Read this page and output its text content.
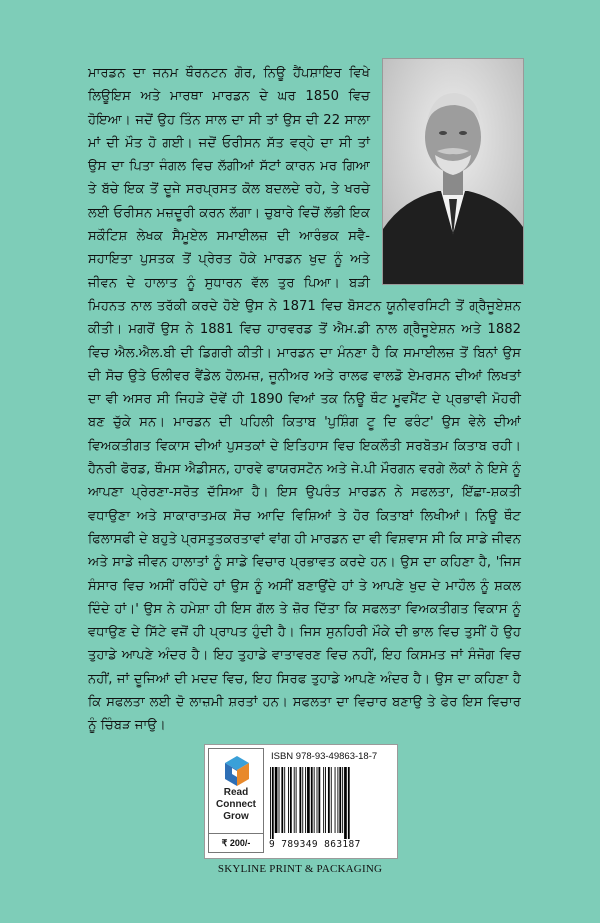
ਮਾਰਡਨ ਦਾ ਜਨਮ ਥੌਰਨਟਨ ਗੋਰ, ਨਿਊ ਹੈਂਪਸ਼ਾਇਰ ਵਿਖੇ ਲਿਊਇਸ ਅਤੇ ਮਾਰਥਾ ਮਾਰਡਨ ਦੇ ਘਰ 1850 ਵਿਚ ਹੋਇਆ। ਜਦੋਂ ਉਹ ਤਿੰਨ ਸਾਲ ਦਾ ਸੀ ਤਾਂ ਉਸ ਦੀ 22 ਸਾਲਾ ਮਾਂ ਦੀ ਮੌਤ ਹੋ ਗਈ। ਜਦੋਂ ਓਰੀਸਨ ਸੱਤ ਵਰ੍ਹੇ ਦਾ ਸੀ ਤਾਂ ਉਸ ਦਾ ਪਿਤਾ ਜੰਗਲ ਵਿਚ ਲੱਗੀਆਂ ਸੱਟਾਂ ਕਾਰਨ ਮਰ ਗਿਆ ਤੇ ਬੱਚੇ ਇਕ ਤੋਂ ਦੂਜੇ ਸਰਪ੍ਰਸਤ ਕੋਲ ਬਦਲਦੇ ਰਹੇ, ਤੇ ਖਰਚੇ ਲਈ ਓਰੀਸਨ ਮਜ਼ਦੂਰੀ ਕਰਨ ਲੱਗਾ। ਚੁਬਾਰੇ ਵਿਚੋਂ ਲੱਭੀ ਇਕ ਸਕੌਟਿਸ਼ ਲੇਖਕ ਸੈਮੂਏਲ ਸਮਾਈਲਜ਼ ਦੀ ਆਰੰਭਕ ਸਵੈ-ਸਹਾਇਤਾ ਪੁਸਤਕ ਤੋਂ ਪ੍ਰੇਰਤ ਹੋਕੇ ਮਾਰਡਨ ਖੁਦ ਨੂੰ ਅਤੇ ਜੀਵਨ ਦੇ ਹਾਲਾਤ ਨੂੰ ਸੁਧਾਰਨ ਵੱਲ ਤੁਰ ਪਿਆ। ਬੜੀ ਮਿਹਨਤ ਨਾਲ ਤਰੱਕੀ ਕਰਦੇ ਹੋਏ ਉਸ ਨੇ 1871 ਵਿਚ ਬੋਸਟਨ ਯੂਨੀਵਰਸਿਟੀ ਤੋਂ ਗ੍ਰੈਜੂਏਸ਼ਨ ਕੀਤੀ। ਮਗਰੋਂ ਉਸ ਨੇ 1881 ਵਿਚ ਹਾਰਵਰਡ ਤੋਂ ਐਮ.ਡੀ ਨਾਲ ਗ੍ਰੈਜੂਏਸ਼ਨ ਅਤੇ 1882 ਵਿਚ ਐਲ.ਐਲ.ਬੀ ਦੀ ਡਿਗਰੀ ਕੀਤੀ। ਮਾਰਡਨ ਦਾ ਮੰਨਣਾ ਹੈ ਕਿ ਸਮਾਈਲਜ਼ ਤੋਂ ਬਿਨਾਂ ਉਸ ਦੀ ਸੋਚ ਉਤੇ ਓਲੀਵਰ ਵੈਂਡੇਲ ਹੋਲਮਜ਼, ਜੂਨੀਅਰ ਅਤੇ ਰਾਲਫ ਵਾਲਡੋ ਏਮਰਸਨ ਦੀਆਂ ਲਿਖਤਾਂ ਦਾ ਵੀ ਅਸਰ ਸੀ ਜਿਹੜੇ ਦੋਵੇਂ ਹੀ 1890 ਵਿਆਂ ਤਕ ਨਿਊ ਥੌਟ ਮੂਵਮੈਂਟ ਦੇ ਪ੍ਰਭਾਵੀ ਮੋਹਰੀ ਬਣ ਚੁੱਕੇ ਸਨ। ਮਾਰਡਨ ਦੀ ਪਹਿਲੀ ਕਿਤਾਬ 'ਪੁਸ਼ਿੰਗ ਟੂ ਦਿ ਫਰੰਟ' ਉਸ ਵੇਲੇ ਦੀਆਂ ਵਿਅਕਤੀਗਤ ਵਿਕਾਸ ਦੀਆਂ ਪੁਸਤਕਾਂ ਦੇ ਇਤਿਹਾਸ ਵਿਚ ਇਕਲੌਤੀ ਸਰਬੋਤਮ ਕਿਤਾਬ ਰਹੀ। ਹੈਨਰੀ ਫੋਰਡ, ਥੌਮਸ ਐਡੀਸਨ, ਹਾਰਵੇ ਫਾਯਰਸਟੋਨ ਅਤੇ ਜੇ.ਪੀ ਮੌਰਗਨ ਵਰਗੇ ਲੋਕਾਂ ਨੇ ਇਸੇ ਨੂੰ ਆਪਣਾ ਪ੍ਰੇਰਣਾ-ਸਰੋਤ ਦੱਸਿਆ ਹੈ। ਇਸ ਉਪਰੰਤ ਮਾਰਡਨ ਨੇ ਸਫਲਤਾ, ਇੱਛਾ-ਸ਼ਕਤੀ ਵਧਾਉਣਾ ਅਤੇ ਸਾਕਾਰਾਤਮਕ ਸੋਚ ਆਦਿ ਵਿਸ਼ਿਆਂ ਤੇ ਹੋਰ ਕਿਤਾਬਾਂ ਲਿਖੀਆਂ। ਨਿਊ ਥੌਟ ਫਿਲਾਸਫੀ ਦੇ ਬਹੁਤੇ ਪ੍ਰਸਤੁਤਕਰਤਾਵਾਂ ਵਾਂਗ ਹੀ ਮਾਰਡਨ ਦਾ ਵੀ ਵਿਸ਼ਵਾਸ ਸੀ ਕਿ ਸਾਡੇ ਜੀਵਨ ਅਤੇ ਸਾਡੇ ਜੀਵਨ ਹਾਲਾਤਾਂ ਨੂੰ ਸਾਡੇ ਵਿਚਾਰ ਪ੍ਰਭਾਵਤ ਕਰਦੇ ਹਨ। ਉਸ ਦਾ ਕਹਿਣਾ ਹੈ, 'ਜਿਸ ਸੰਸਾਰ ਵਿਚ ਅਸੀਂ ਰਹਿੰਦੇ ਹਾਂ ਉਸ ਨੂੰ ਅਸੀਂ ਬਣਾਉਂਦੇ ਹਾਂ ਤੇ ਆਪਣੇ ਖੁਦ ਦੇ ਮਾਹੌਲ ਨੂੰ ਸ਼ਕਲ ਦਿੰਦੇ ਹਾਂ।' ਉਸ ਨੇ ਹਮੇਸ਼ਾ ਹੀ ਇਸ ਗੱਲ ਤੇ ਜ਼ੋਰ ਦਿੱਤਾ ਕਿ ਸਫਲਤਾ ਵਿਅਕਤੀਗਤ ਵਿਕਾਸ ਨੂੰ ਵਧਾਉਣ ਦੇ ਸਿੱਟੇ ਵਜੋਂ ਹੀ ਪ੍ਰਾਪਤ ਹੁੰਦੀ ਹੈ। ਜਿਸ ਸੁਨਹਿਰੀ ਮੌਕੇ ਦੀ ਭਾਲ ਵਿਚ ਤੁਸੀਂ ਹੋ ਉਹ ਤੁਹਾਡੇ ਆਪਣੇ ਅੰਦਰ ਹੈ। ਇਹ ਤੁਹਾਡੇ ਵਾਤਾਵਰਣ ਵਿਚ ਨਹੀਂ, ਇਹ ਕਿਸਮਤ ਜਾਂ ਸੰਜੋਗ ਵਿਚ ਨਹੀਂ, ਜਾਂ ਦੂਜਿਆਂ ਦੀ ਮਦਦ ਵਿਚ, ਇਹ ਸਿਰਫ ਤੁਹਾਡੇ ਆਪਣੇ ਅੰਦਰ ਹੈ। ਉਸ ਦਾ ਕਹਿਣਾ ਹੈ ਕਿ ਸਫਲਤਾ ਲਈ ਦੋ ਲਾਜ਼ਮੀ ਸ਼ਰਤਾਂ ਹਨ। ਸਫਲਤਾ ਦਾ ਵਿਚਾਰ ਬਣਾਉ ਤੇ ਫੇਰ ਇਸ ਵਿਚਾਰ ਨੂੰ ਚਿੰਬੜ ਜਾਉ।

Read
Connect
Grow
₹ 200/-
ISBN 978-93-49863-18-7
9 789349 863187
SKYLINE PRINT & PACKAGING
